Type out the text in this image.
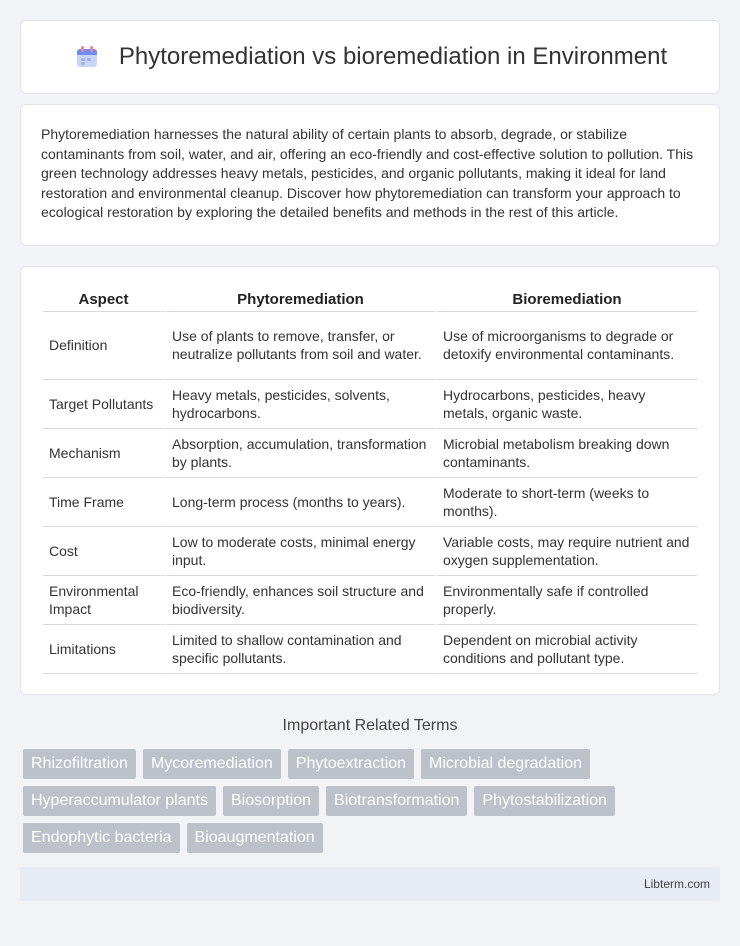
Phytoremediation vs bioremediation in Environment

Phytoremediation harnesses the natural ability of certain plants to absorb, degrade, or stabilize contaminants from soil, water, and air, offering an eco-friendly and cost-effective solution to pollution. This green technology addresses heavy metals, pesticides, and organic pollutants, making it ideal for land restoration and environmental cleanup. Discover how phytoremediation can transform your approach to ecological restoration by exploring the detailed benefits and methods in the rest of this article.

Aspect	Phytoremediation	Bioremediation
Definition	Use of plants to remove, transfer, or neutralize pollutants from soil and water.	Use of microorganisms to degrade or detoxify environmental contaminants.
Target Pollutants	Heavy metals, pesticides, solvents, hydrocarbons.	Hydrocarbons, pesticides, heavy metals, organic waste.
Mechanism	Absorption, accumulation, transformation by plants.	Microbial metabolism breaking down contaminants.
Time Frame	Long-term process (months to years).	Moderate to short-term (weeks to months).
Cost	Low to moderate costs, minimal energy input.	Variable costs, may require nutrient and oxygen supplementation.
Environmental Impact	Eco-friendly, enhances soil structure and biodiversity.	Environmentally safe if controlled properly.
Limitations	Limited to shallow contamination and specific pollutants.	Dependent on microbial activity conditions and pollutant type.
Important Related Terms
Rhizofiltration	Mycoremediation	Phytoextraction	Microbial degradation
Hyperaccumulator plants	Biosorption	Biotransformation	Phytostabilization
Endophytic bacteria	Bioaugmentation
Libterm.com
